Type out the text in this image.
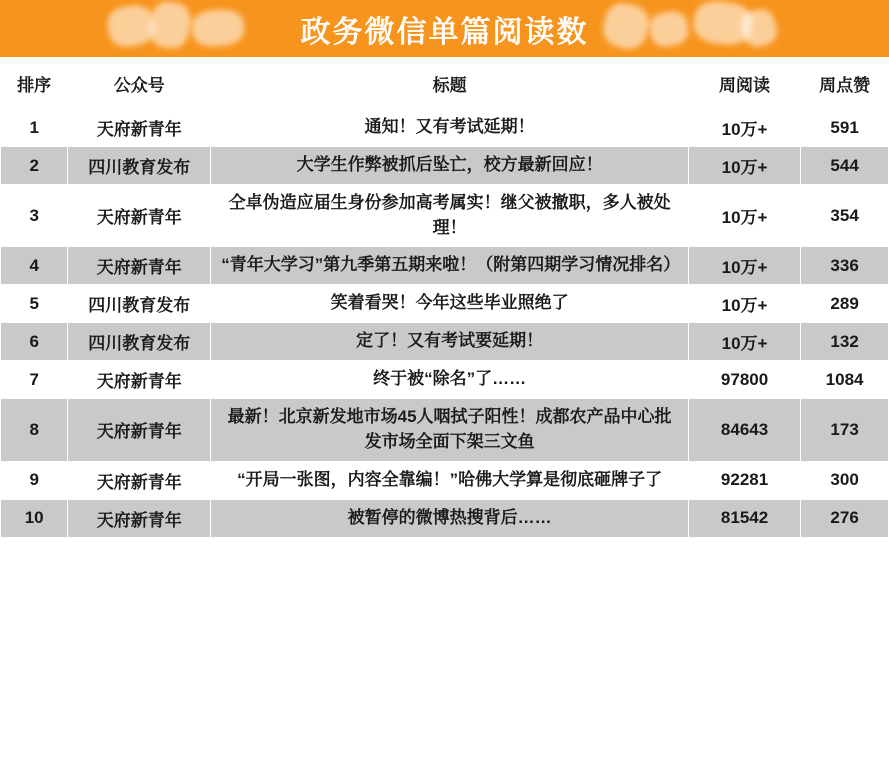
政务微信单篇阅读数
排序	公众号	标题	周阅读	周点赞
1	天府新青年	通知！又有考试延期！	10万+	591
2	四川教育发布	大学生作弊被抓后坠亡，校方最新回应！	10万+	544
3	天府新青年	仝卓伪造应届生身份参加高考属实！继父被撤职，多人被处理！	10万+	354
4	天府新青年	“青年大学习”第九季第五期来啦！（附第四期学习情况排名）	10万+	336
5	四川教育发布	笑着看哭！今年这些毕业照绝了	10万+	289
6	四川教育发布	定了！又有考试要延期！	10万+	132
7	天府新青年	终于被“除名”了……	97800	1084
8	天府新青年	最新！北京新发地市场45人咽拭子阳性！成都农产品中心批发市场全面下架三文鱼	84643	173
9	天府新青年	“开局一张图，内容全靠编！”哈佛大学算是彻底砸牌子了	92281	300
10	天府新青年	被暂停的微博热搜背后……	81542	276
